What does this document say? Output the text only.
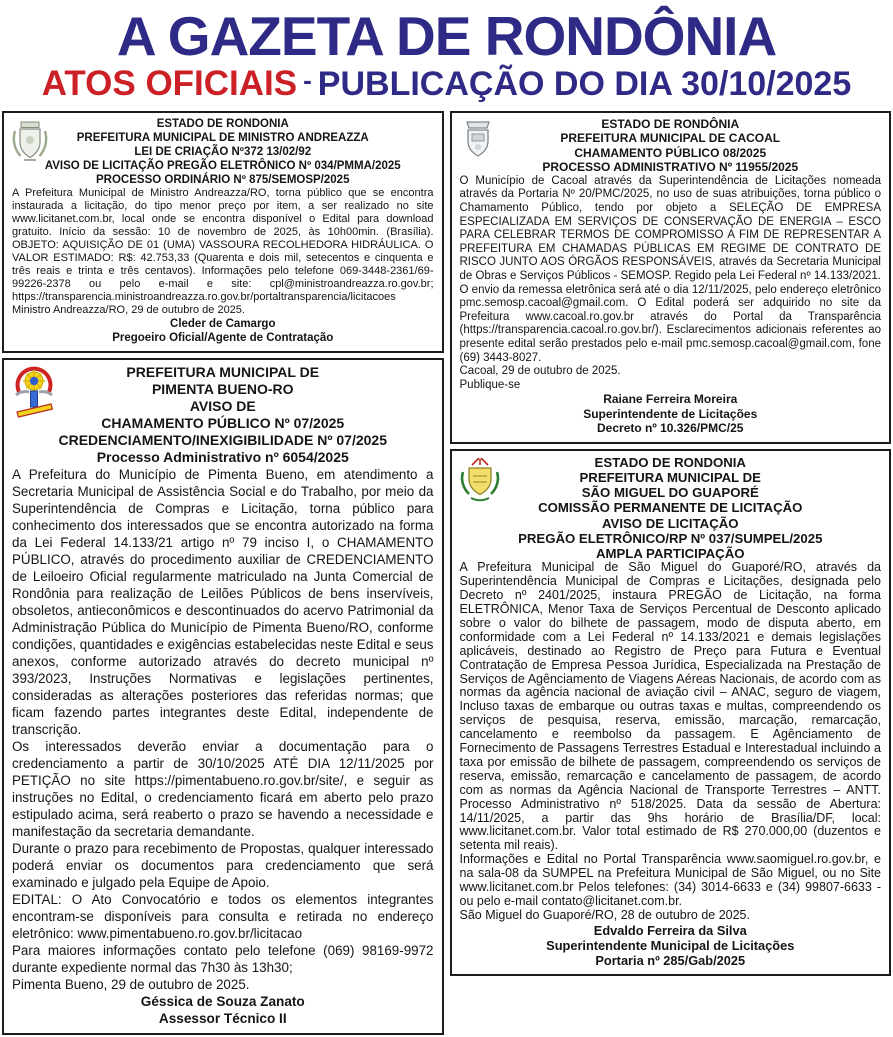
A GAZETA DE RONDÔNIA
ATOS OFICIAIS - PUBLICAÇÃO DO DIA 30/10/2025
ESTADO DE RONDONIA
PREFEITURA MUNICIPAL DE MINISTRO ANDREAZZA
LEI DE CRIAÇÃO Nº372 13/02/92
AVISO DE LICITAÇÃO PREGÃO ELETRÔNICO Nº 034/PMMA/2025
PROCESSO ORDINÁRIO Nº 875/SEMOSP/2025

A Prefeitura Municipal de Ministro Andreazza/RO, torna público que se encontra instaurada a licitação, do tipo menor preço por item, a ser realizado no site www.licitanet.com.br, local onde se encontra disponível o Edital para download gratuito. Início da sessão: 10 de novembro de 2025, às 10h00min. (Brasília). OBJETO: AQUISIÇÃO DE 01 (UMA) VASSOURA RECOLHEDORA HIDRÁULICA. O VALOR ESTIMADO: R$: 42.753,33 (Quarenta e dois mil, setecentos e cinquenta e três reais e trinta e três centavos). Informações pelo telefone 069-3448-2361/69-99226-2378 ou pelo e-mail e site: cpl@ministroandreazza.ro.gov.br; https://transparencia.ministroandreazza.ro.gov.br/portaltransparencia/licitacoes

Ministro Andreazza/RO, 29 de outubro de 2025.

Cleder de Camargo
Pregoeiro Oficial/Agente de Contratação
PREFEITURA MUNICIPAL DE
PIMENTA BUENO-RO
AVISO DE
CHAMAMENTO PÚBLICO Nº 07/2025
CREDENCIAMENTO/INEXIGIBILIDADE Nº 07/2025
Processo Administrativo nº 6054/2025

A Prefeitura do Município de Pimenta Bueno, em atendimento a Secretaria Municipal de Assistência Social e do Trabalho, por meio da Superintendência de Compras e Licitação, torna público para conhecimento dos interessados que se encontra autorizado na forma da Lei Federal 14.133/21 artigo nº 79 inciso I, o CHAMAMENTO PÚBLICO, através do procedimento auxiliar de CREDENCIAMENTO de Leiloeiro Oficial regularmente matriculado na Junta Comercial de Rondônia para realização de Leilões Públicos de bens inservíveis, obsoletos, antieconômicos e descontinuados do acervo Patrimonial da Administração Pública do Município de Pimenta Bueno/RO, conforme condições, quantidades e exigências estabelecidas neste Edital e seus anexos, conforme autorizado através do decreto municipal nº 393/2023, Instruções Normativas e legislações pertinentes, consideradas as alterações posteriores das referidas normas; que ficam fazendo partes integrantes deste Edital, independente de transcrição.

Os interessados deverão enviar a documentação para o credenciamento a partir de 30/10/2025 ATÉ DIA 12/11/2025 por PETIÇÃO no site https://pimentabueno.ro.gov.br/site/, e seguir as instruções no Edital, o credenciamento ficará em aberto pelo prazo estipulado acima, será reaberto o prazo se havendo a necessidade e manifestação da secretaria demandante.

Durante o prazo para recebimento de Propostas, qualquer interessado poderá enviar os documentos para credenciamento que será examinado e julgado pela Equipe de Apoio.

EDITAL: O Ato Convocatório e todos os elementos integrantes encontram-se disponíveis para consulta e retirada no endereço eletrônico: www.pimentabueno.ro.gov.br/licitacao

Para maiores informações contato pelo telefone (069) 98169-9972 durante expediente normal das 7h30 às 13h30;

Pimenta Bueno, 29 de outubro de 2025.

Géssica de Souza Zanato
Assessor Técnico II
ESTADO DE RONDÔNIA
PREFEITURA MUNICIPAL DE CACOAL
CHAMAMENTO PÚBLICO 08/2025
PROCESSO ADMINISTRATIVO Nº 11955/2025

O Município de Cacoal através da Superintendência de Licitações nomeada através da Portaria Nº 20/PMC/2025, no uso de suas atribuições, torna público o Chamamento Público, tendo por objeto a SELEÇÃO DE EMPRESA ESPECIALIZADA EM SERVIÇOS DE CONSERVAÇÃO DE ENERGIA – ESCO PARA CELEBRAR TERMOS DE COMPROMISSO A FIM DE REPRESENTAR A PREFEITURA EM CHAMADAS PÚBLICAS EM REGIME DE CONTRATO DE RISCO JUNTO AOS ÓRGÃOS RESPONSÁVEIS, através da Secretaria Municipal de Obras e Serviços Públicos - SEMOSP. Regido pela Lei Federal nº 14.133/2021. O envio da remessa eletrônica será até o dia 12/11/2025, pelo endereço eletrônico pmc.semosp.cacoal@gmail.com. O Edital poderá ser adquirido no site da Prefeitura www.cacoal.ro.gov.br através do Portal da Transparência (https://transparencia.cacoal.ro.gov.br/). Esclarecimentos adicionais referentes ao presente edital serão prestados pelo e-mail pmc.semosp.cacoal@gmail.com, fone (69) 3443-8027.

Cacoal, 29 de outubro de 2025.

Publique-se

Raiane Ferreira Moreira
Superintendente de Licitações
Decreto nº 10.326/PMC/25
ESTADO DE RONDONIA
PREFEITURA MUNICIPAL DE
SÃO MIGUEL DO GUAPORÉ
COMISSÃO PERMANENTE DE LICITAÇÃO
AVISO DE LICITAÇÃO
PREGÃO ELETRÔNICO/RP Nº 037/SUMPEL/2025
AMPLA PARTICIPAÇÃO

A Prefeitura Municipal de São Miguel do Guaporé/RO, através da Superintendência Municipal de Compras e Licitações, designada pelo Decreto nº 2401/2025, instaura PREGÃO de Licitação, na forma ELETRÔNICA, Menor Taxa de Serviços Percentual de Desconto aplicado sobre o valor do bilhete de passagem, modo de disputa aberto, em conformidade com a Lei Federal nº 14.133/2021 e demais legislações aplicáveis, destinado ao Registro de Preço para Futura e Eventual Contratação de Empresa Pessoa Jurídica, Especializada na Prestação de Serviços de Agênciamento de Viagens Aéreas Nacionais, de acordo com as normas da agência nacional de aviação civil – ANAC, seguro de viagem, Incluso taxas de embarque ou outras taxas e multas, compreendendo os serviços de pesquisa, reserva, emissão, marcação, remarcação, cancelamento e reembolso da passagem. E Agênciamento de Fornecimento de Passagens Terrestres Estadual e Interestadual incluindo a taxa por emissão de bilhete de passagem, compreendendo os serviços de reserva, emissão, remarcação e cancelamento de passagem, de acordo com as normas da Agência Nacional de Transporte Terrestres – ANTT. Processo Administrativo nº 518/2025. Data da sessão de Abertura: 14/11/2025, a partir das 9hs horário de Brasília/DF, local: www.licitanet.com.br. Valor total estimado de R$ 270.000,00 (duzentos e setenta mil reais).

Informações e Edital no Portal Transparência www.saomiguel.ro.gov.br, e na sala-08 da SUMPEL na Prefeitura Municipal de São Miguel, ou no Site www.licitanet.com.br Pelos telefones: (34) 3014-6633 e (34) 99807-6633 - ou pelo e-mail contato@licitanet.com.br.

São Miguel do Guaporé/RO, 28 de outubro de 2025.

Edvaldo Ferreira da Silva
Superintendente Municipal de Licitações
Portaria nº 285/Gab/2025
